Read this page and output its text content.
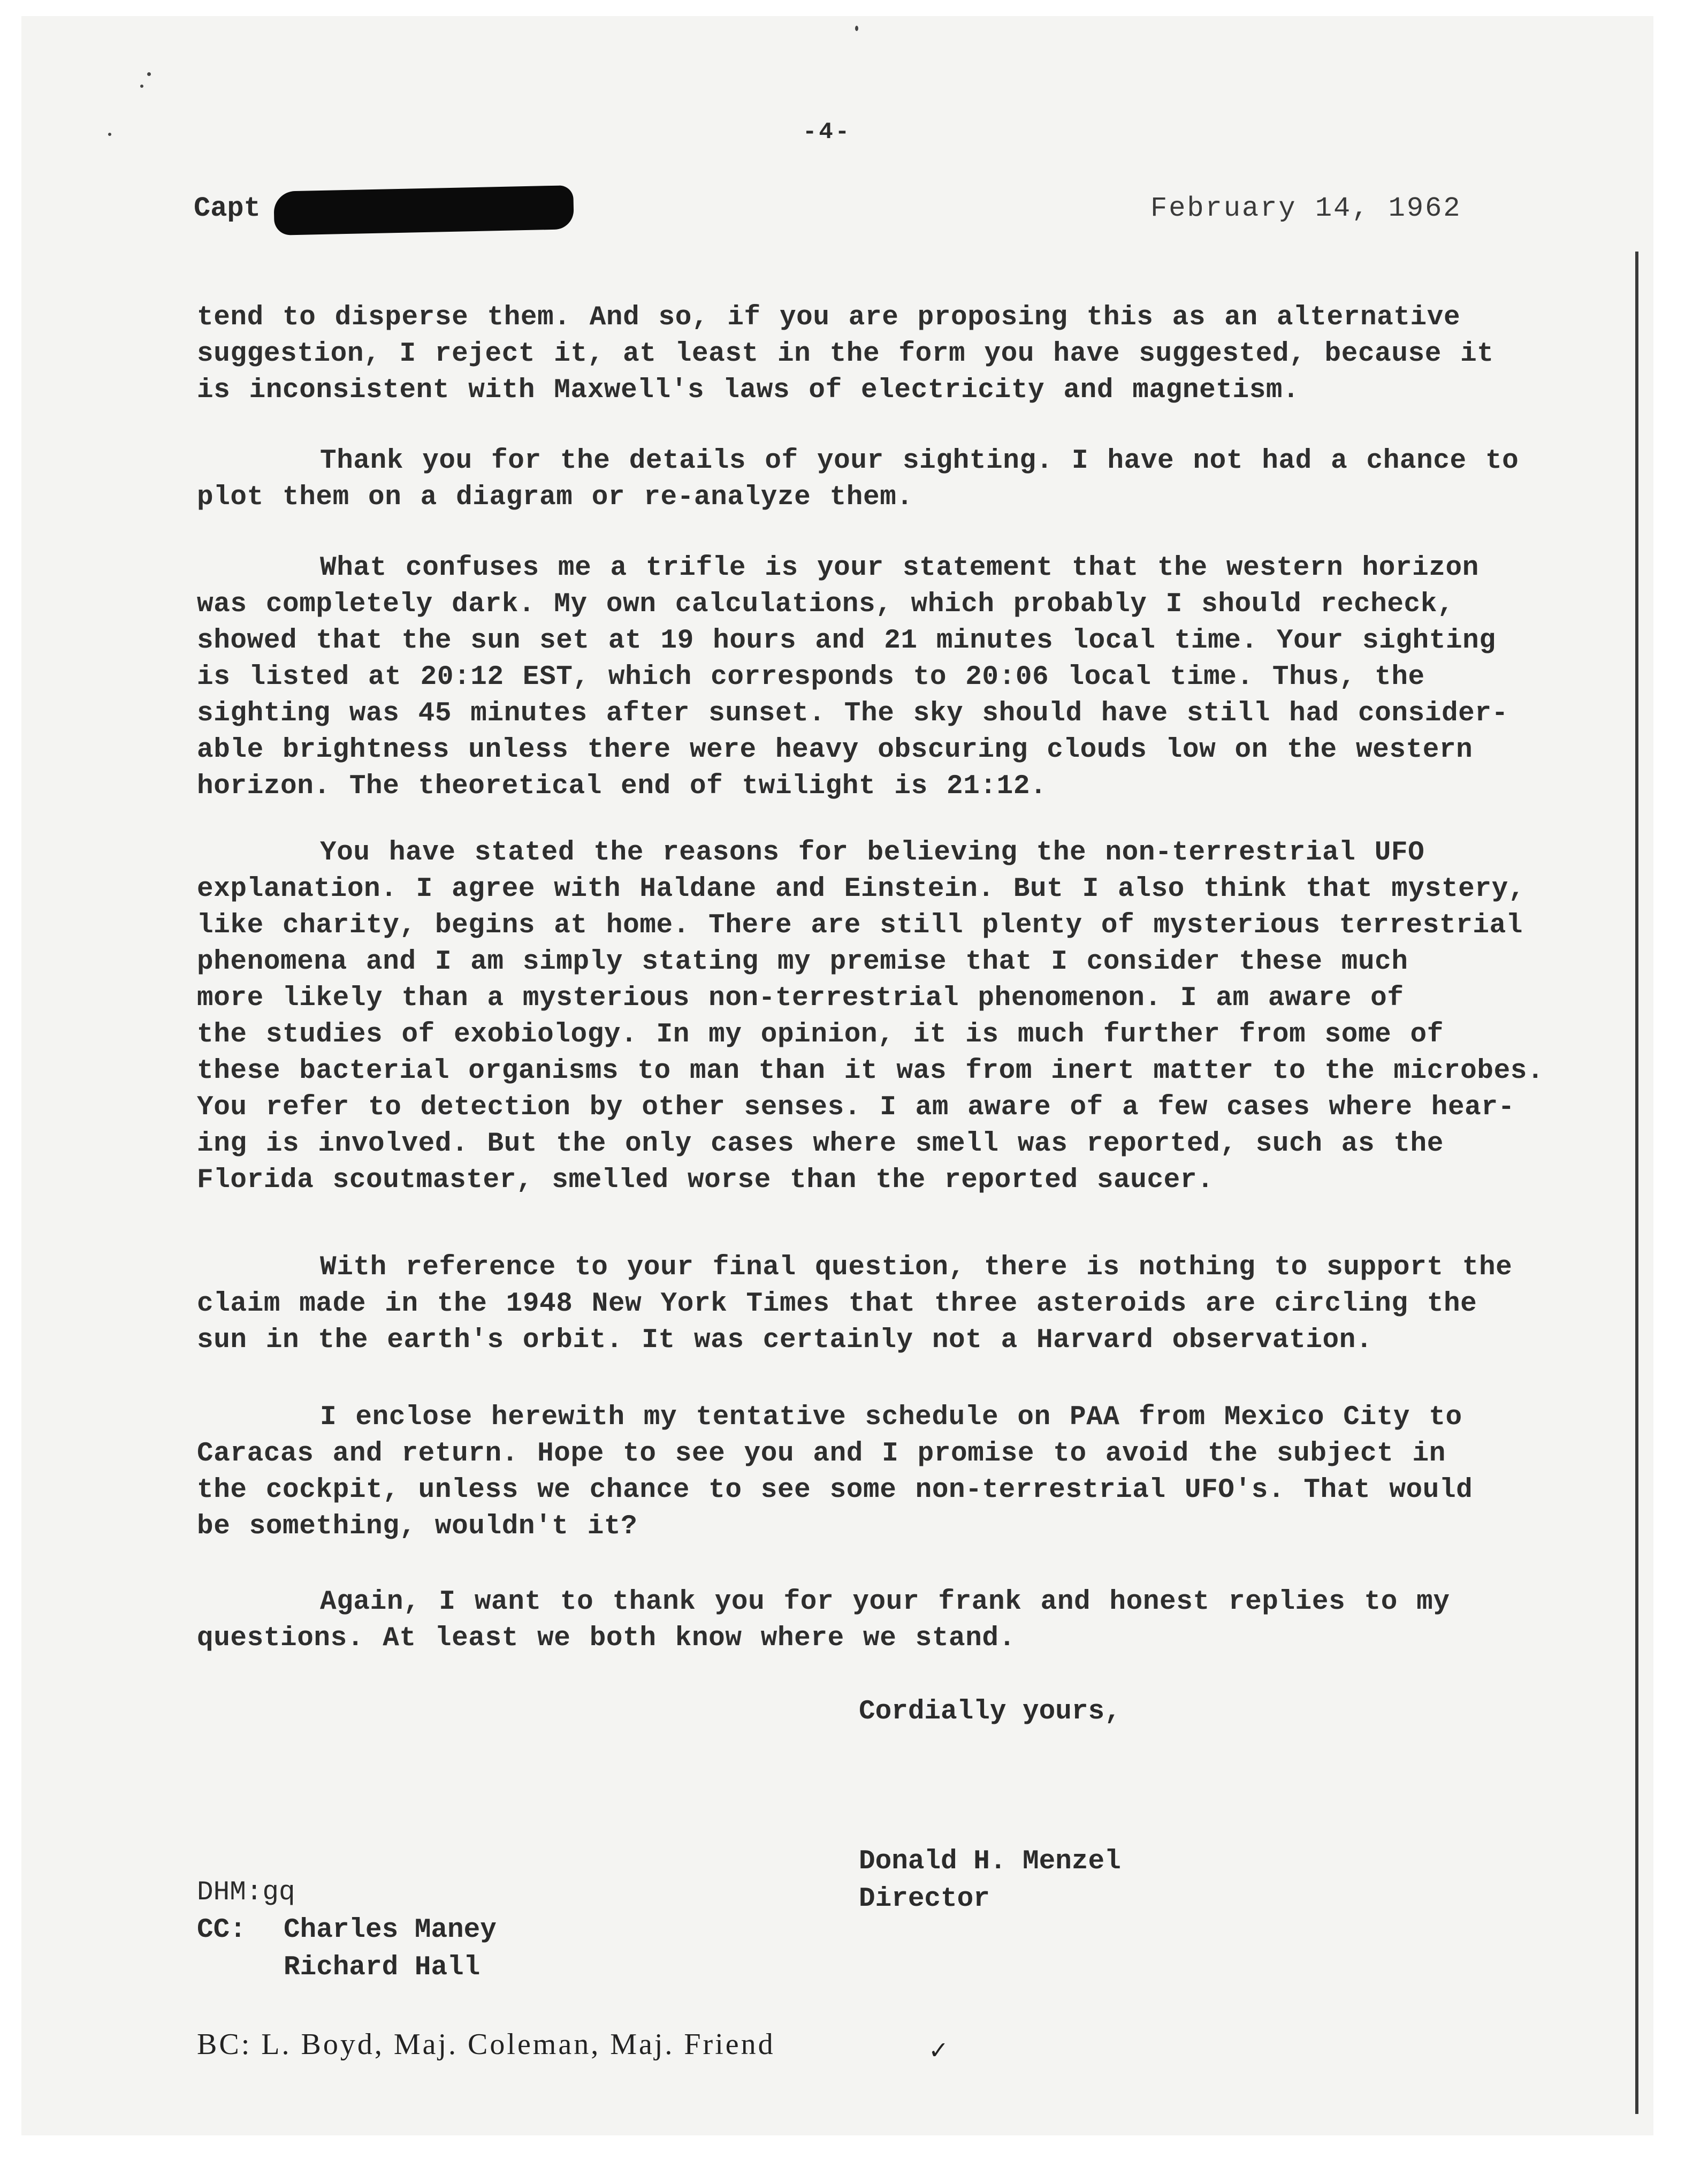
-4-
Capt	February 14, 1962

tend to disperse them. And so, if you are proposing this as an alternative
suggestion, I reject it, at least in the form you have suggested, because it
is inconsistent with Maxwell's laws of electricity and magnetism.

Thank you for the details of your sighting. I have not had a chance to
plot them on a diagram or re-analyze them.

What confuses me a trifle is your statement that the western horizon
was completely dark. My own calculations, which probably I should recheck,
showed that the sun set at 19 hours and 21 minutes local time. Your sighting
is listed at 20:12 EST, which corresponds to 20:06 local time. Thus, the
sighting was 45 minutes after sunset. The sky should have still had consider-
able brightness unless there were heavy obscuring clouds low on the western
horizon. The theoretical end of twilight is 21:12.

You have stated the reasons for believing the non-terrestrial UFO
explanation. I agree with Haldane and Einstein. But I also think that mystery,
like charity, begins at home. There are still plenty of mysterious terrestrial
phenomena and I am simply stating my premise that I consider these much
more likely than a mysterious non-terrestrial phenomenon. I am aware of
the studies of exobiology. In my opinion, it is much further from some of
these bacterial organisms to man than it was from inert matter to the microbes.
You refer to detection by other senses. I am aware of a few cases where hear-
ing is involved. But the only cases where smell was reported, such as the
Florida scoutmaster, smelled worse than the reported saucer.

With reference to your final question, there is nothing to support the
claim made in the 1948 New York Times that three asteroids are circling the
sun in the earth's orbit. It was certainly not a Harvard observation.

I enclose herewith my tentative schedule on PAA from Mexico City to
Caracas and return. Hope to see you and I promise to avoid the subject in
the cockpit, unless we chance to see some non-terrestrial UFO's. That would
be something, wouldn't it?

Again, I want to thank you for your frank and honest replies to my
questions. At least we both know where we stand.

Cordially yours,
Donald H. Menzel
Director
DHM:gq
CC: Charles Maney
Richard Hall
BC: L. Boyd, Maj. Coleman, Maj. Friend	✓
